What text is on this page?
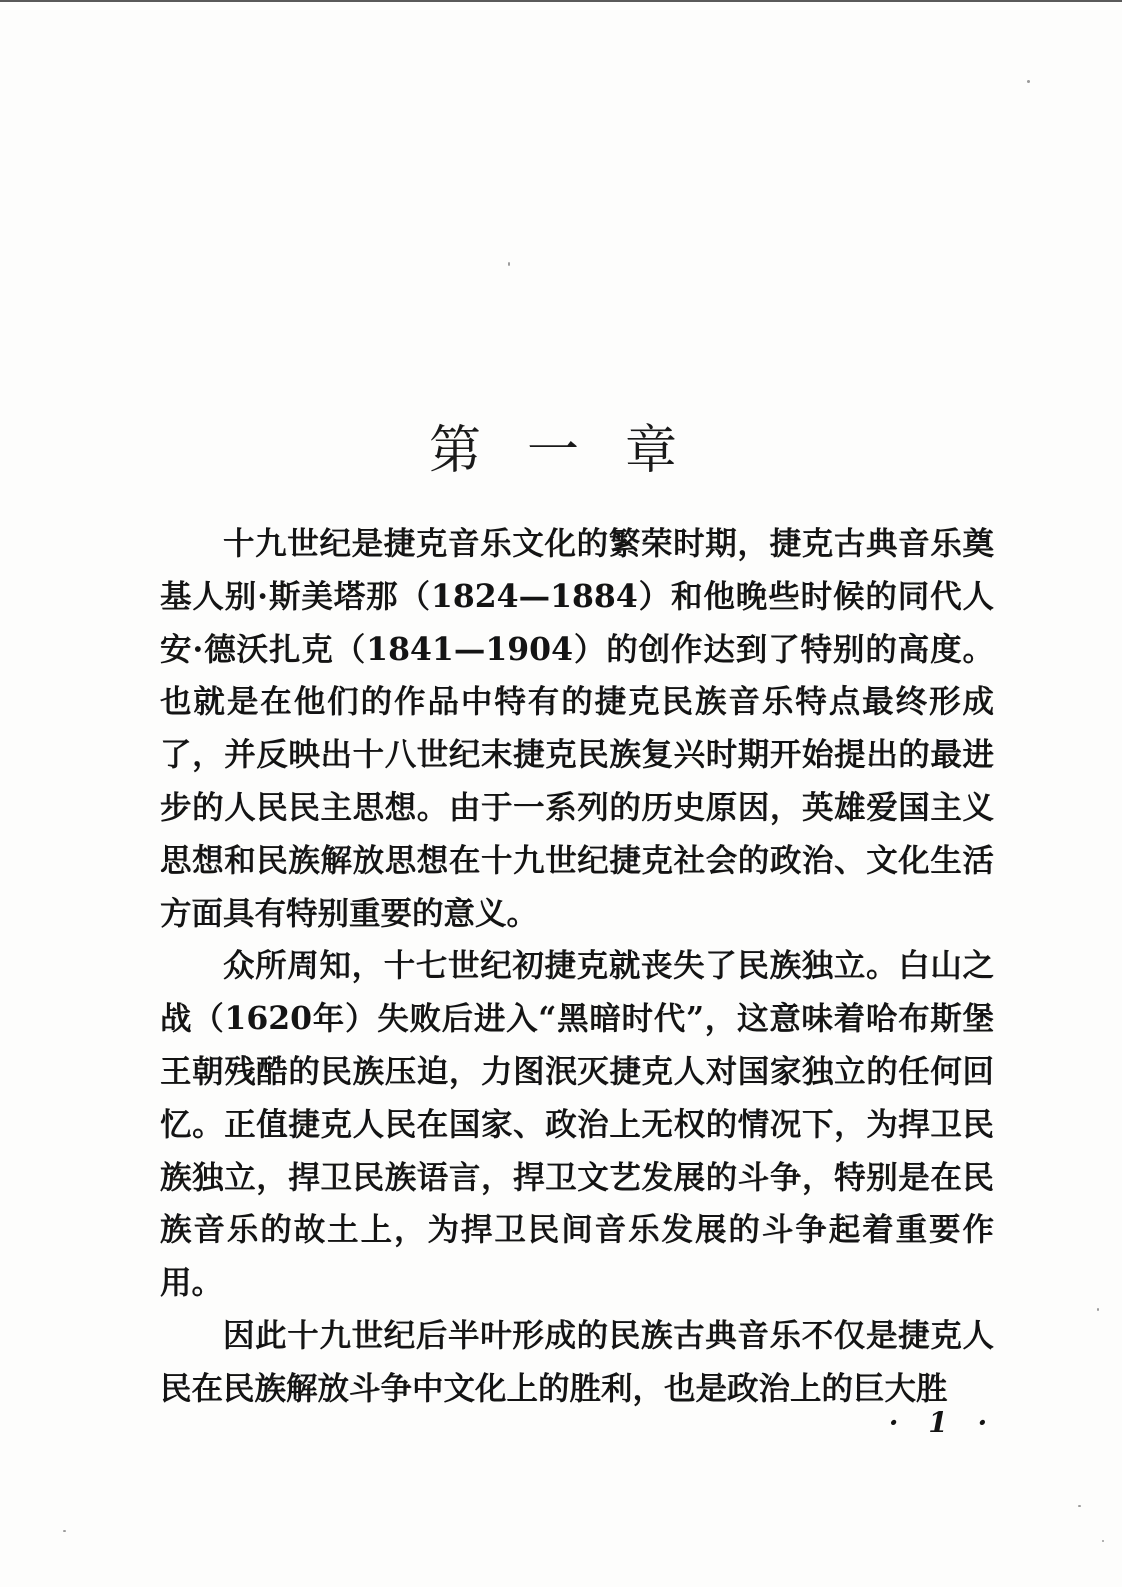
第一章

十九世纪是捷克音乐文化的繁荣时期，捷克古典音乐奠基人别·斯美塔那（1824—1884）和他晚些时候的同代人安·德沃扎克（1841—1904）的创作达到了特别的高度。也就是在他们的作品中特有的捷克民族音乐特点最终形成了，并反映出十八世纪末捷克民族复兴时期开始提出的最进步的人民民主思想。由于一系列的历史原因，英雄爱国主义思想和民族解放思想在十九世纪捷克社会的政治、文化生活方面具有特别重要的意义。

众所周知，十七世纪初捷克就丧失了民族独立。白山之战（1620年）失败后进入“黑暗时代”，这意味着哈布斯堡王朝残酷的民族压迫，力图泯灭捷克人对国家独立的任何回忆。正值捷克人民在国家、政治上无权的情况下，为捍卫民族独立，捍卫民族语言，捍卫文艺发展的斗争，特别是在民族音乐的故土上，为捍卫民间音乐发展的斗争起着重要作用。

因此十九世纪后半叶形成的民族古典音乐不仅是捷克人民在民族解放斗争中文化上的胜利，也是政治上的巨大胜

· 1 ·
